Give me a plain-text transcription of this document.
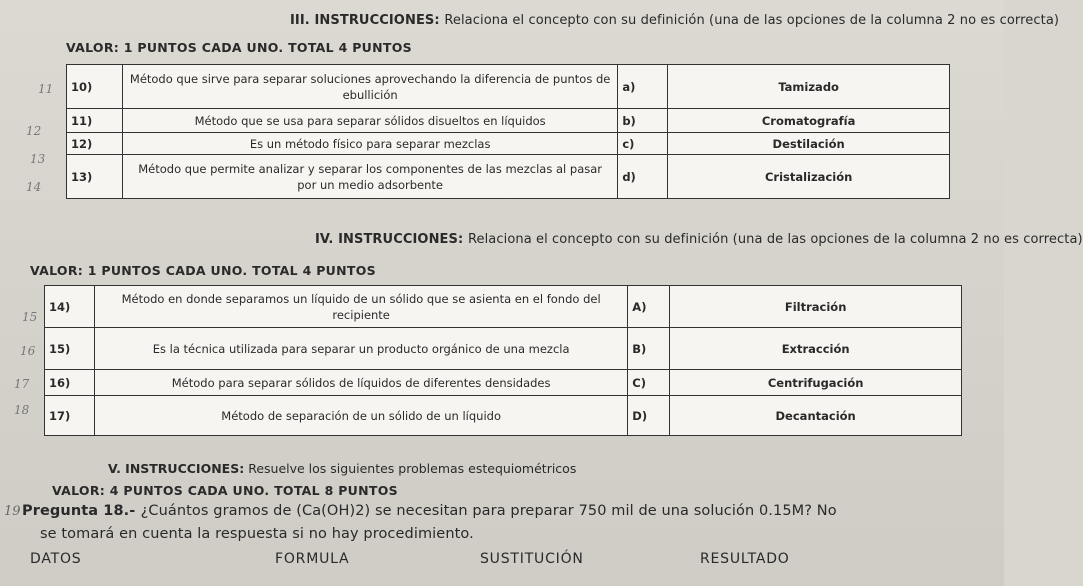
III. INSTRUCCIONES: Relaciona el concepto con su definición (una de las opciones de la columna 2 no es correcta)
VALOR: 1 PUNTOS CADA UNO. TOTAL 4 PUNTOS
10)	Método que sirve para separar soluciones aprovechando la diferencia de puntos de ebullición	a)	Tamizado
11)	Método que se usa para separar sólidos disueltos en líquidos	b)	Cromatografía
12)	Es un método físico para separar mezclas	c)	Destilación
13)	Método que permite analizar y separar los componentes de las mezclas al pasar por un medio adsorbente	d)	Cristalización
11
12
13
14
IV. INSTRUCCIONES: Relaciona el concepto con su definición (una de las opciones de la columna 2 no es correcta)
VALOR: 1 PUNTOS CADA UNO. TOTAL 4 PUNTOS
14)	Método en donde separamos un líquido de un sólido que se asienta en el fondo del recipiente	A)	Filtración
15)	Es la técnica utilizada para separar un producto orgánico de una mezcla	B)	Extracción
16)	Método para separar sólidos de líquidos de diferentes densidades	C)	Centrifugación
17)	Método de separación de un sólido de un líquido	D)	Decantación
15
16
17
18
V. INSTRUCCIONES: Resuelve los siguientes problemas estequiométricos
VALOR: 4 PUNTOS CADA UNO. TOTAL 8 PUNTOS
19 Pregunta 18.- ¿Cuántos gramos de (Ca(OH)2) se necesitan para preparar 750 mil de una solución 0.15M? No
se tomará en cuenta la respuesta si no hay procedimiento.
DATOS	FORMULA	SUSTITUCIÓN	RESULTADO
